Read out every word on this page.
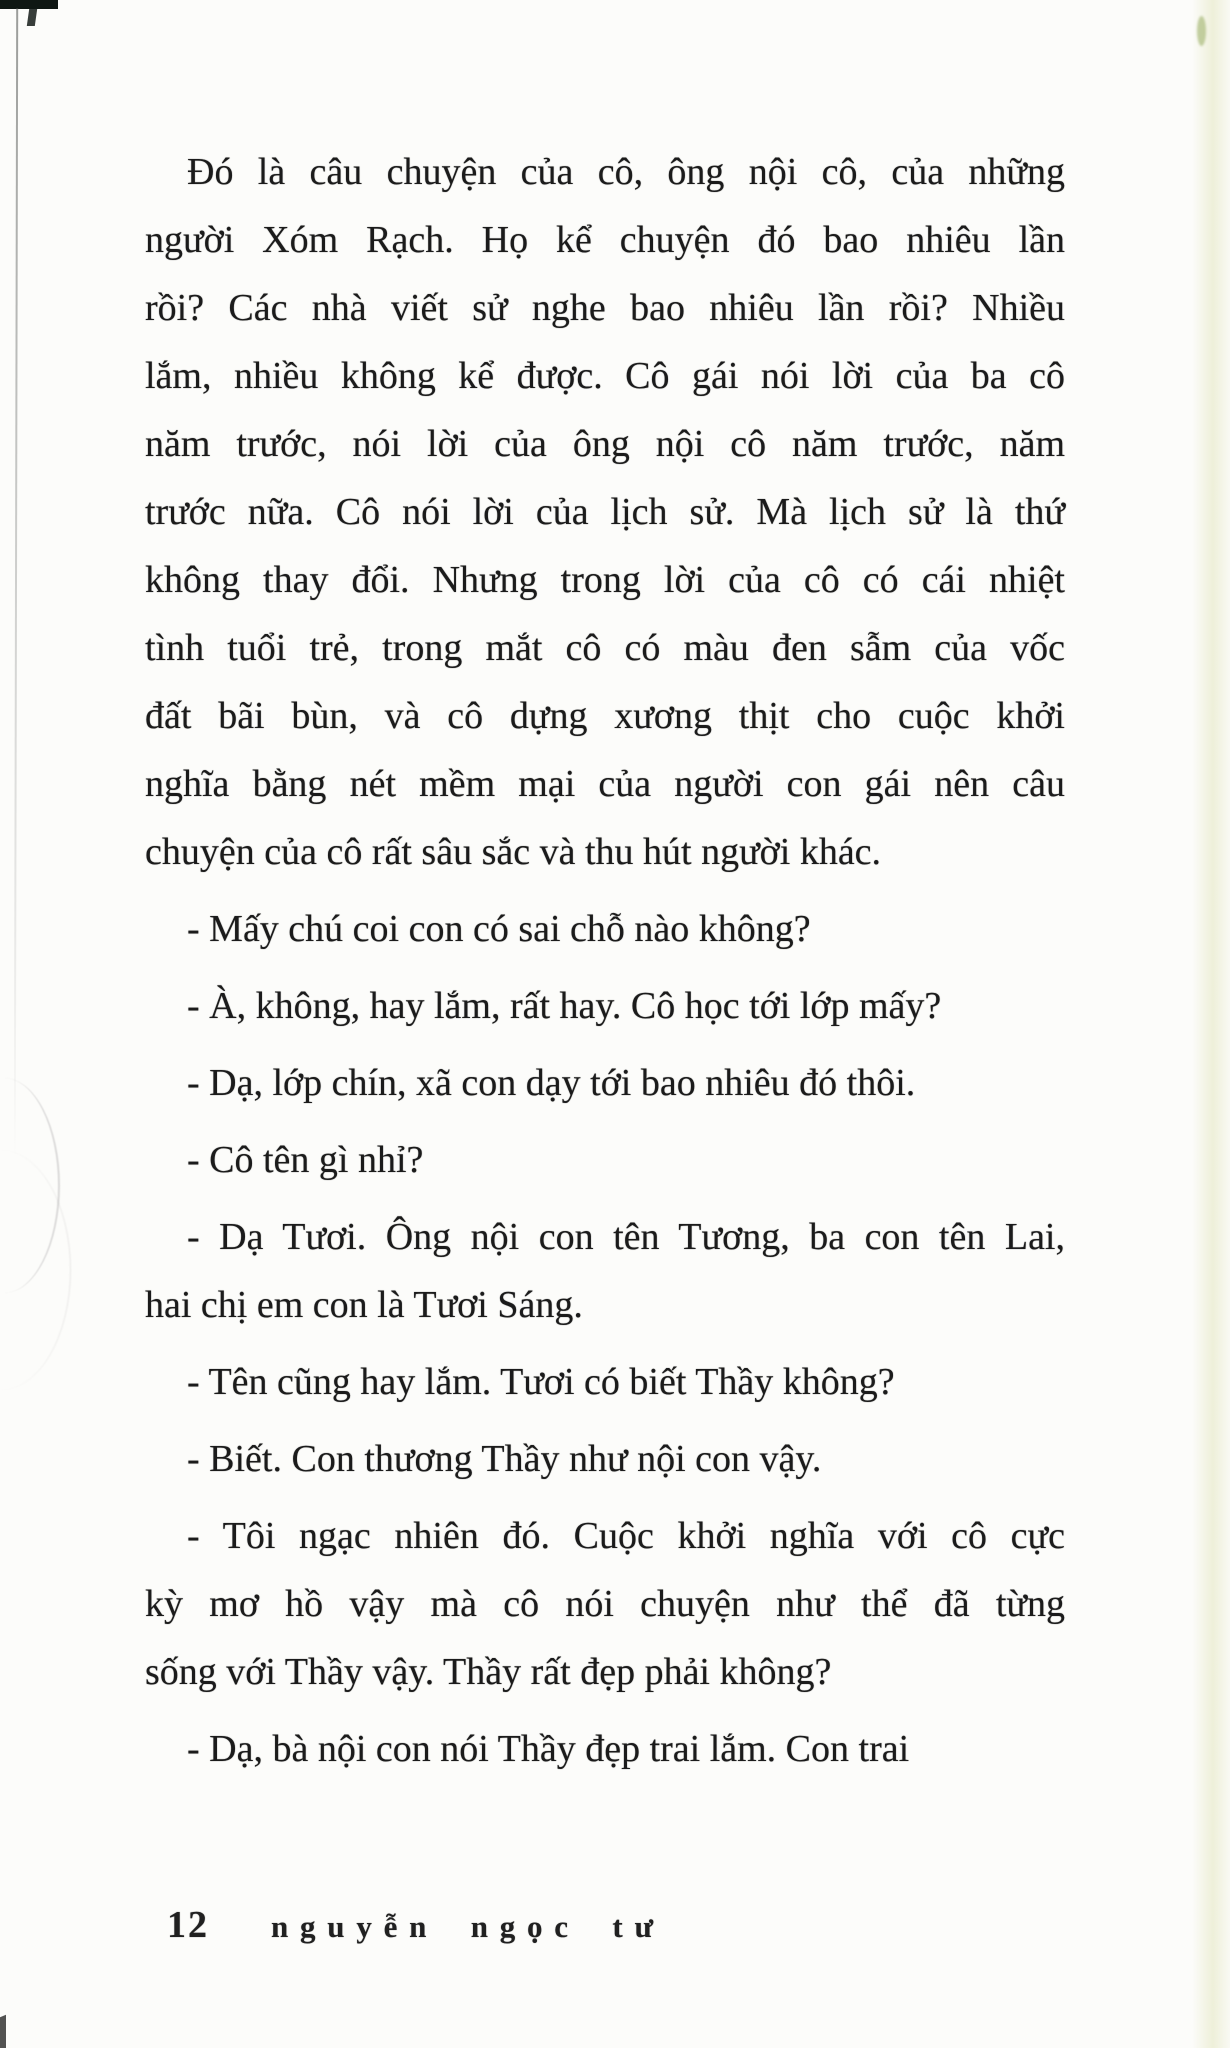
Đó là câu chuyện của cô, ông nội cô, của những
người Xóm Rạch. Họ kể chuyện đó bao nhiêu lần
rồi? Các nhà viết sử nghe bao nhiêu lần rồi? Nhiều
lắm, nhiều không kể được. Cô gái nói lời của ba cô
năm trước, nói lời của ông nội cô năm trước, năm
trước nữa. Cô nói lời của lịch sử. Mà lịch sử là thứ
không thay đổi. Nhưng trong lời của cô có cái nhiệt
tình tuổi trẻ, trong mắt cô có màu đen sẫm của vốc
đất bãi bùn, và cô dựng xương thịt cho cuộc khởi
nghĩa bằng nét mềm mại của người con gái nên câu
chuyện của cô rất sâu sắc và thu hút người khác.

- Mấy chú coi con có sai chỗ nào không?

- À, không, hay lắm, rất hay. Cô học tới lớp mấy?

- Dạ, lớp chín, xã con dạy tới bao nhiêu đó thôi.

- Cô tên gì nhỉ?

- Dạ Tươi. Ông nội con tên Tương, ba con tên Lai,
hai chị em con là Tươi Sáng.

- Tên cũng hay lắm. Tươi có biết Thầy không?

- Biết. Con thương Thầy như nội con vậy.

- Tôi ngạc nhiên đó. Cuộc khởi nghĩa với cô cực
kỳ mơ hồ vậy mà cô nói chuyện như thể đã từng
sống với Thầy vậy. Thầy rất đẹp phải không?

- Dạ, bà nội con nói Thầy đẹp trai lắm. Con trai

12 nguyễn ngọc tư
